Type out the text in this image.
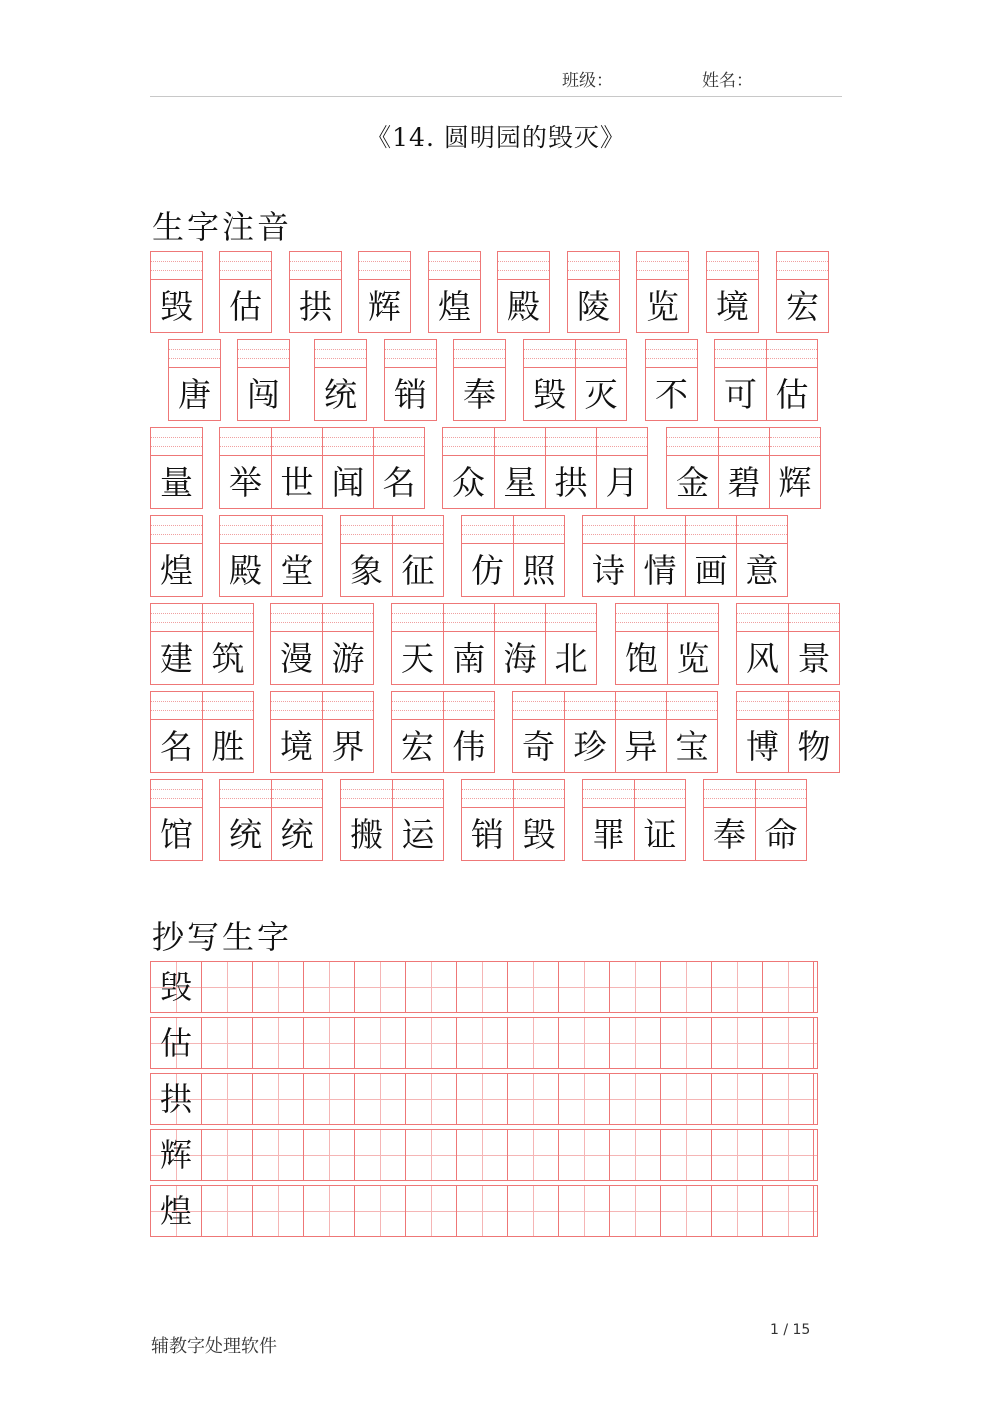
班级：	姓名：
《14. 圆明园的毁灭》
生字注音
毁 估 拱 辉 煌 殿 陵 览 境 宏
唐 闯 统 销 奉 毁 灭 不 可 估
量 举 世 闻 名 众 星 拱 月 金 碧 辉
煌 殿 堂 象 征 仿 照 诗 情 画 意
建 筑 漫 游 天 南 海 北 饱 览 风 景
名 胜 境 界 宏 伟 奇 珍 异 宝 博 物
馆 统 统 搬 运 销 毁 罪 证 奉 命
抄写生字
毁
估
拱
辉
煌
辅教字处理软件
1 / 15
